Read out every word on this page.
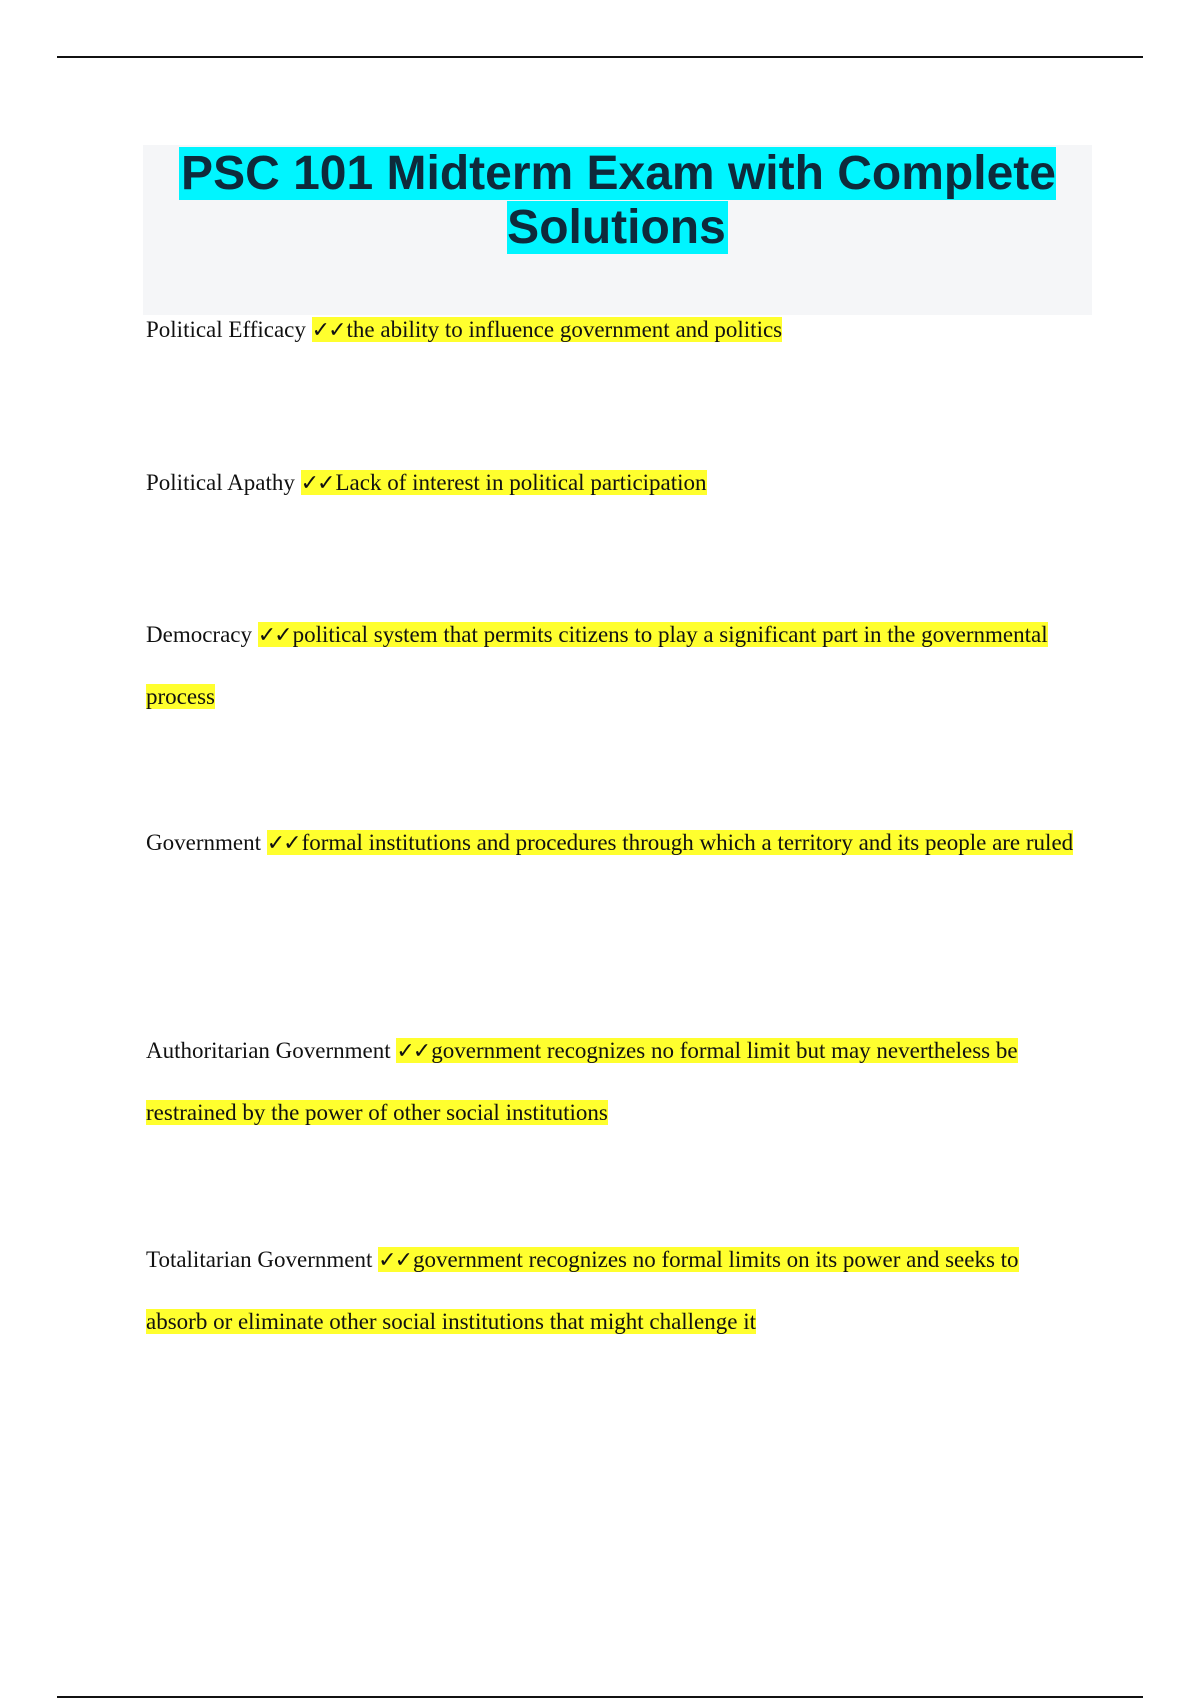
PSC 101 Midterm Exam with Complete Solutions

Political Efficacy ✓✓the ability to influence government and politics

Political Apathy ✓✓Lack of interest in political participation

Democracy ✓✓political system that permits citizens to play a significant part in the governmental process

Government ✓✓formal institutions and procedures through which a territory and its people are ruled

Authoritarian Government ✓✓government recognizes no formal limit but may nevertheless be restrained by the power of other social institutions

Totalitarian Government ✓✓government recognizes no formal limits on its power and seeks to absorb or eliminate other social institutions that might challenge it
